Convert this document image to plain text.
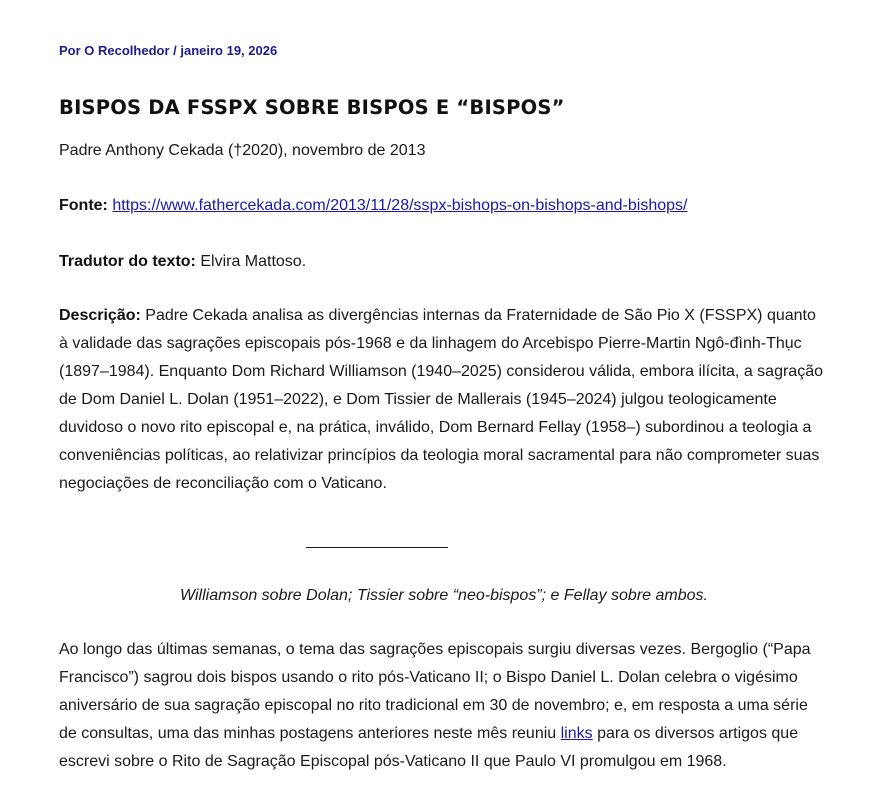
Por O Recolhedor / janeiro 19, 2026
BISPOS DA FSSPX SOBRE BISPOS E “BISPOS”

Padre Anthony Cekada (†2020), novembro de 2013

Fonte: https://www.fathercekada.com/2013/11/28/sspx-bishops-on-bishops-and-bishops/

Tradutor do texto: Elvira Mattoso.

Descrição: Padre Cekada analisa as divergências internas da Fraternidade de São Pio X (FSSPX) quanto à validade das sagrações episcopais pós-1968 e da linhagem do Arcebispo Pierre-Martin Ngô-đình-Thục (1897–1984). Enquanto Dom Richard Williamson (1940–2025) considerou válida, embora ilícita, a sagração de Dom Daniel L. Dolan (1951–2022), e Dom Tissier de Mallerais (1945–2024) julgou teologicamente duvidoso o novo rito episcopal e, na prática, inválido, Dom Bernard Fellay (1958–) subordinou a teologia a conveniências políticas, ao relativizar princípios da teologia moral sacramental para não comprometer suas negociações de reconciliação com o Vaticano.

Williamson sobre Dolan; Tissier sobre “neo-bispos”; e Fellay sobre ambos.

Ao longo das últimas semanas, o tema das sagrações episcopais surgiu diversas vezes. Bergoglio (“Papa Francisco”) sagrou dois bispos usando o rito pós-Vaticano II; o Bispo Daniel L. Dolan celebra o vigésimo aniversário de sua sagração episcopal no rito tradicional em 30 de novembro; e, em resposta a uma série de consultas, uma das minhas postagens anteriores neste mês reuniu links para os diversos artigos que escrevi sobre o Rito de Sagração Episcopal pós-Vaticano II que Paulo VI promulgou em 1968.
